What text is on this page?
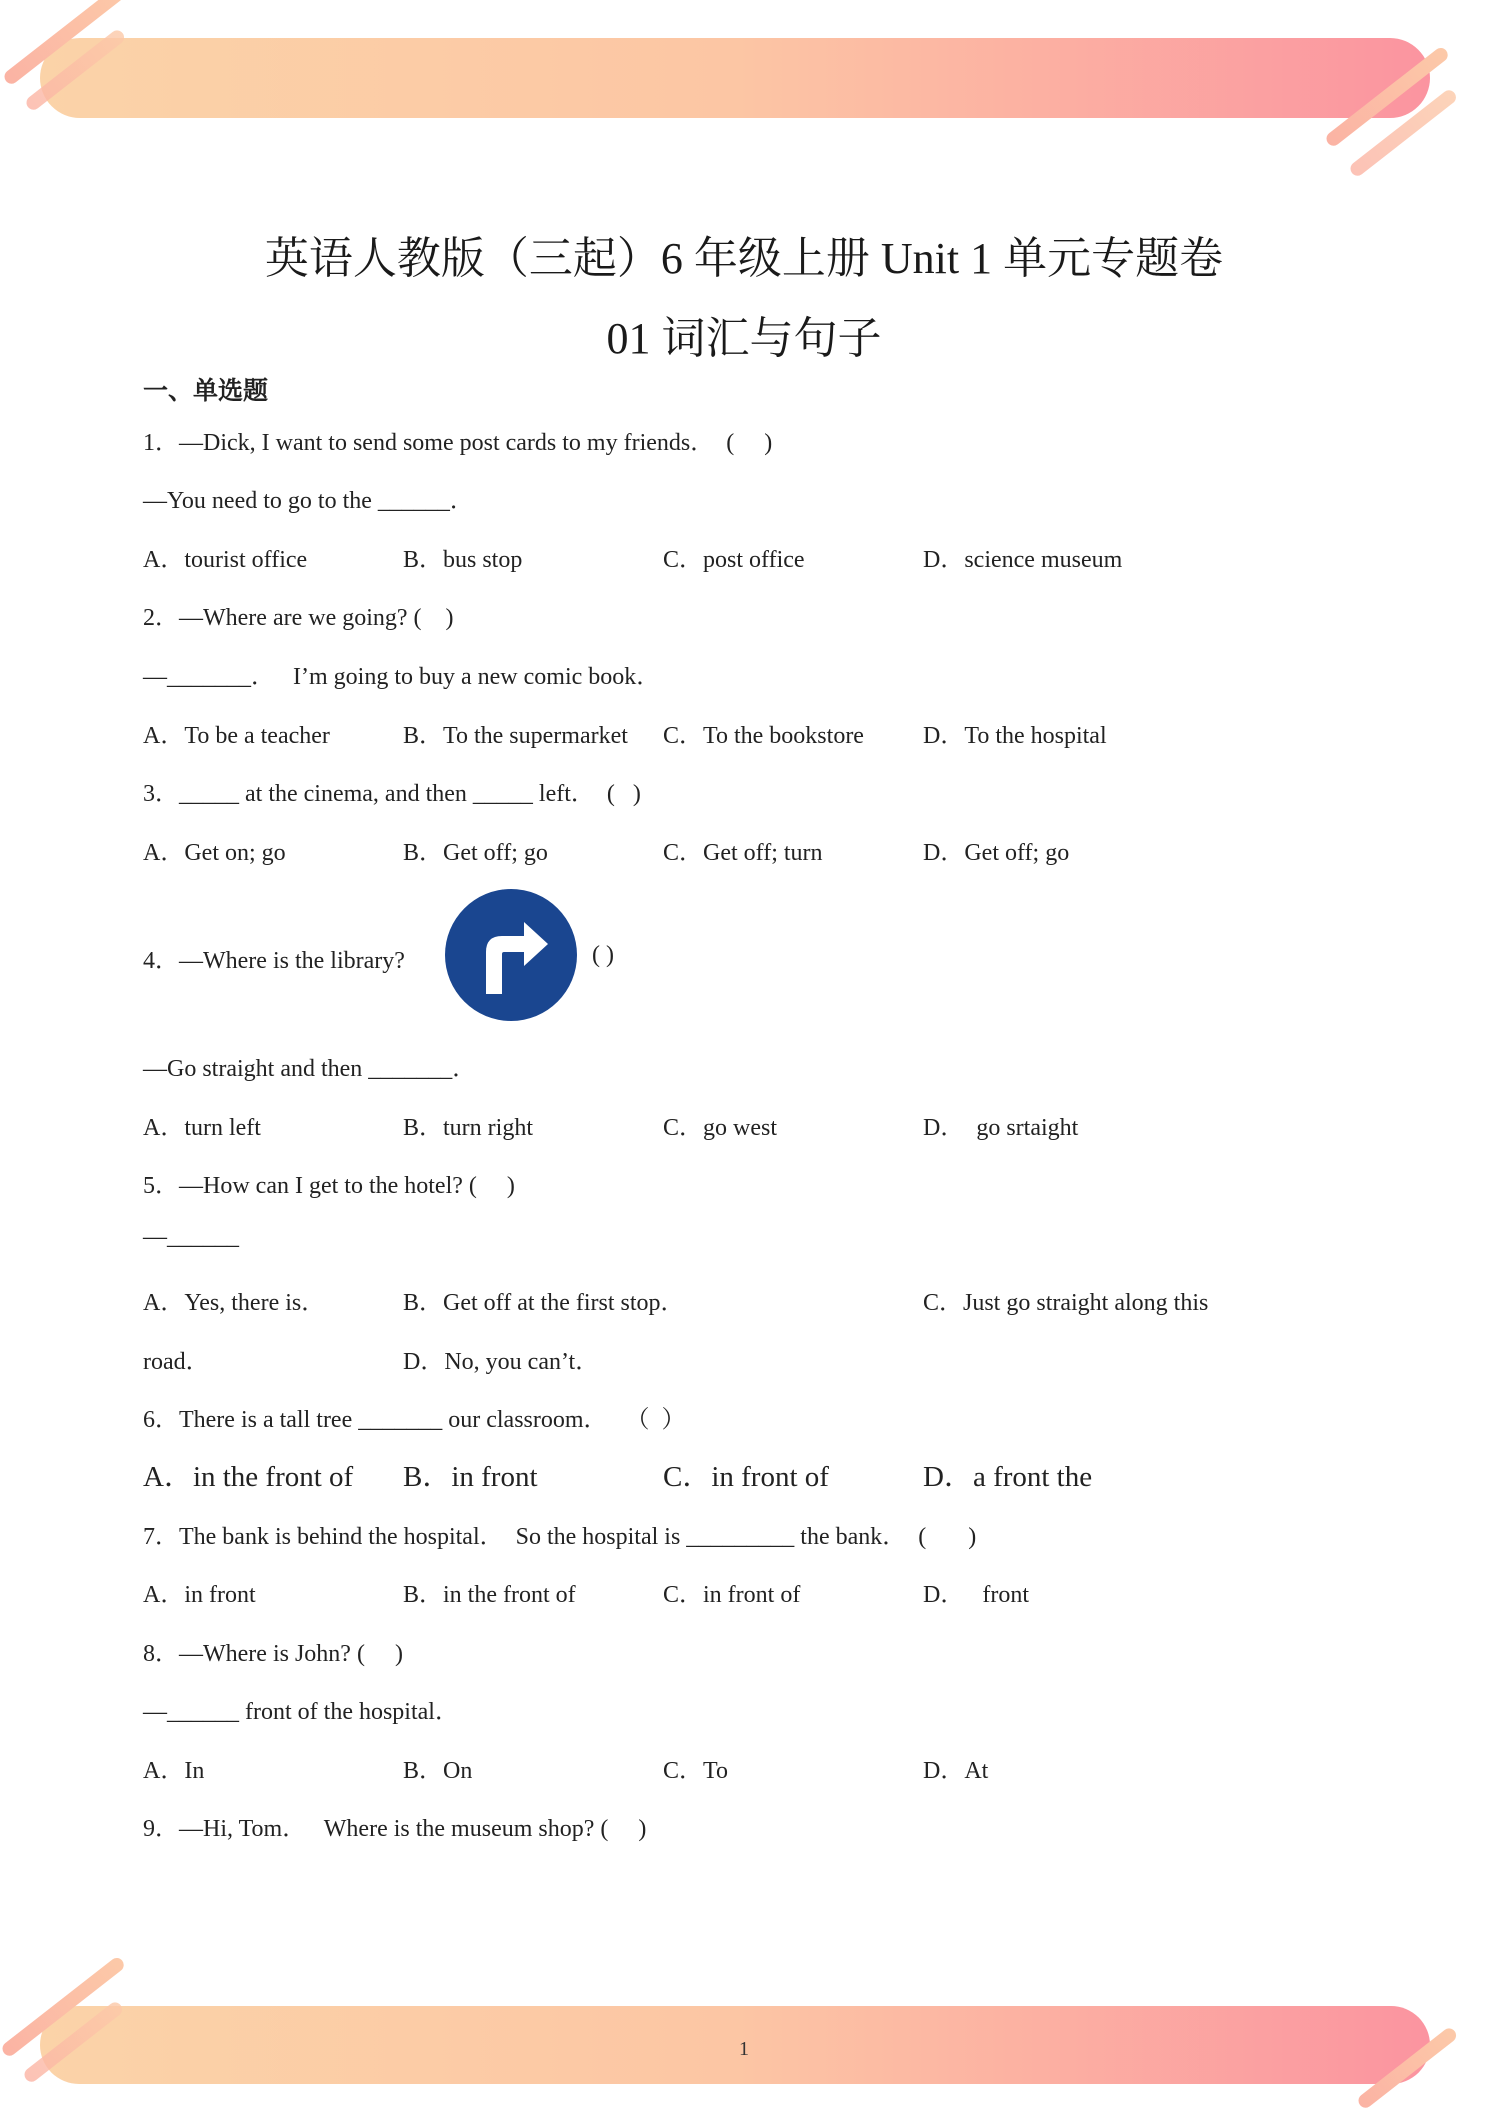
英语人教版（三起）6 年级上册 Unit 1 单元专题卷
01 词汇与句子
一、单选题
1．—Dick, I want to send some post cards to my friends．  (     )
—You need to go to the ______．
A．tourist office	B．bus stop	C．post office	D．science museum
2．—Where are we going? (    )
—_______．   I’m going to buy a new comic book．
A．To be a teacher	B．To the supermarket C．To the bookstore D．To the hospital
3．_____ at the cinema, and then _____ left．  (   )
A．Get on; go	B．Get off; go	C．Get off; turn	D．Get off; go
4．—Where is the library?	( )
—Go straight and then _______．
A．turn left	B．turn right	C．go west	D．  go srtaight
5．—How can I get to the hotel? (     )
—______
A．Yes, there is．	B．Get off at the first stop．	C．Just go straight along this
road．	D．No, you can’t．
6．There is a tall tree _______ our classroom．   （  ）
A．in the front of B．in front	C．in front of	D．a front the
7．The bank is behind the hospital．  So the hospital is _________ the bank．  (       )
A．in front	B．in the front of	C．in front of	D．   front
8．—Where is John? (     )
—______ front of the hospital．
A．In	B．On	C．To	D．At
9．—Hi, Tom．   Where is the museum shop? (     )
1
